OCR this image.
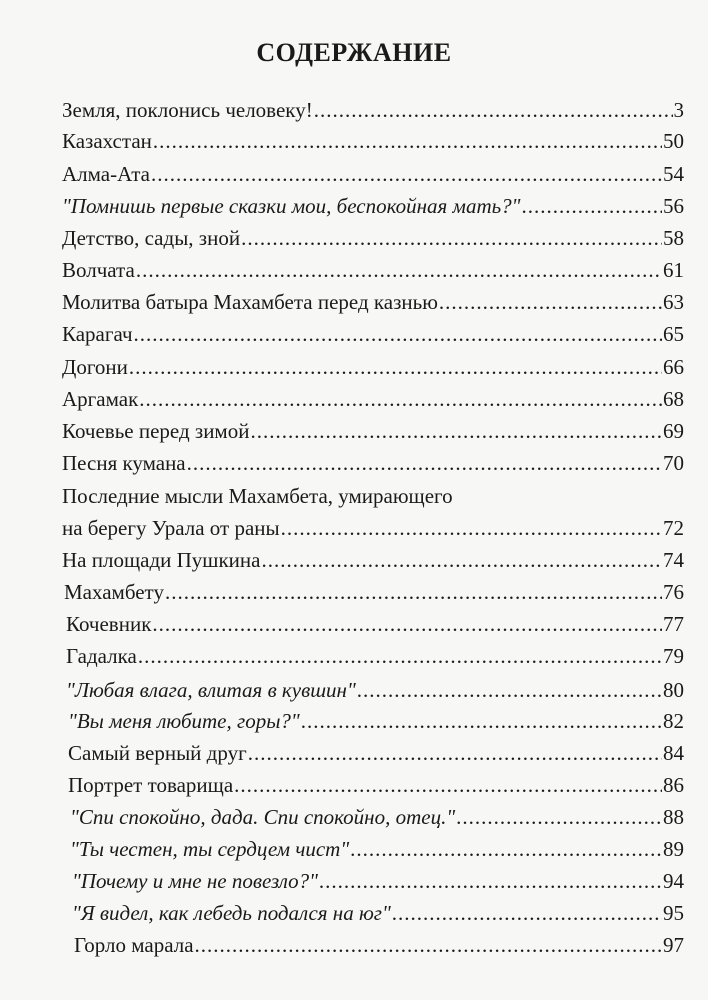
СОДЕРЖАНИЕ
Земля, поклонись человеку! .....	3
Казахстан .....	50
Алма-Ата .....	54
"Помнишь первые сказки мои, беспокойная мать?" .....	56
Детство, сады, зной .....	58
Волчата .....	61
Молитва батыра Махамбета перед казнью .....	63
Карагач .....	65
Догони .....	66
Аргамак .....	68
Кочевье перед зимой .....	69
Песня кумана .....	70
Последние мысли Махамбета, умирающего
на берегу Урала от раны .....	72
На площади Пушкина .....	74
Махамбету .....	76
Кочевник .....	77
Гадалка .....	79
"Любая влага, влитая в кувшин" .....	80
"Вы меня любите, горы?" .....	82
Самый верный друг .....	84
Портрет товарища .....	86
"Спи спокойно, дада. Спи спокойно, отец." .....	88
"Ты честен, ты сердцем чист" .....	89
"Почему и мне не повезло?" .....	94
"Я видел, как лебедь подался на юг" .....	95
Горло марала .....	97
